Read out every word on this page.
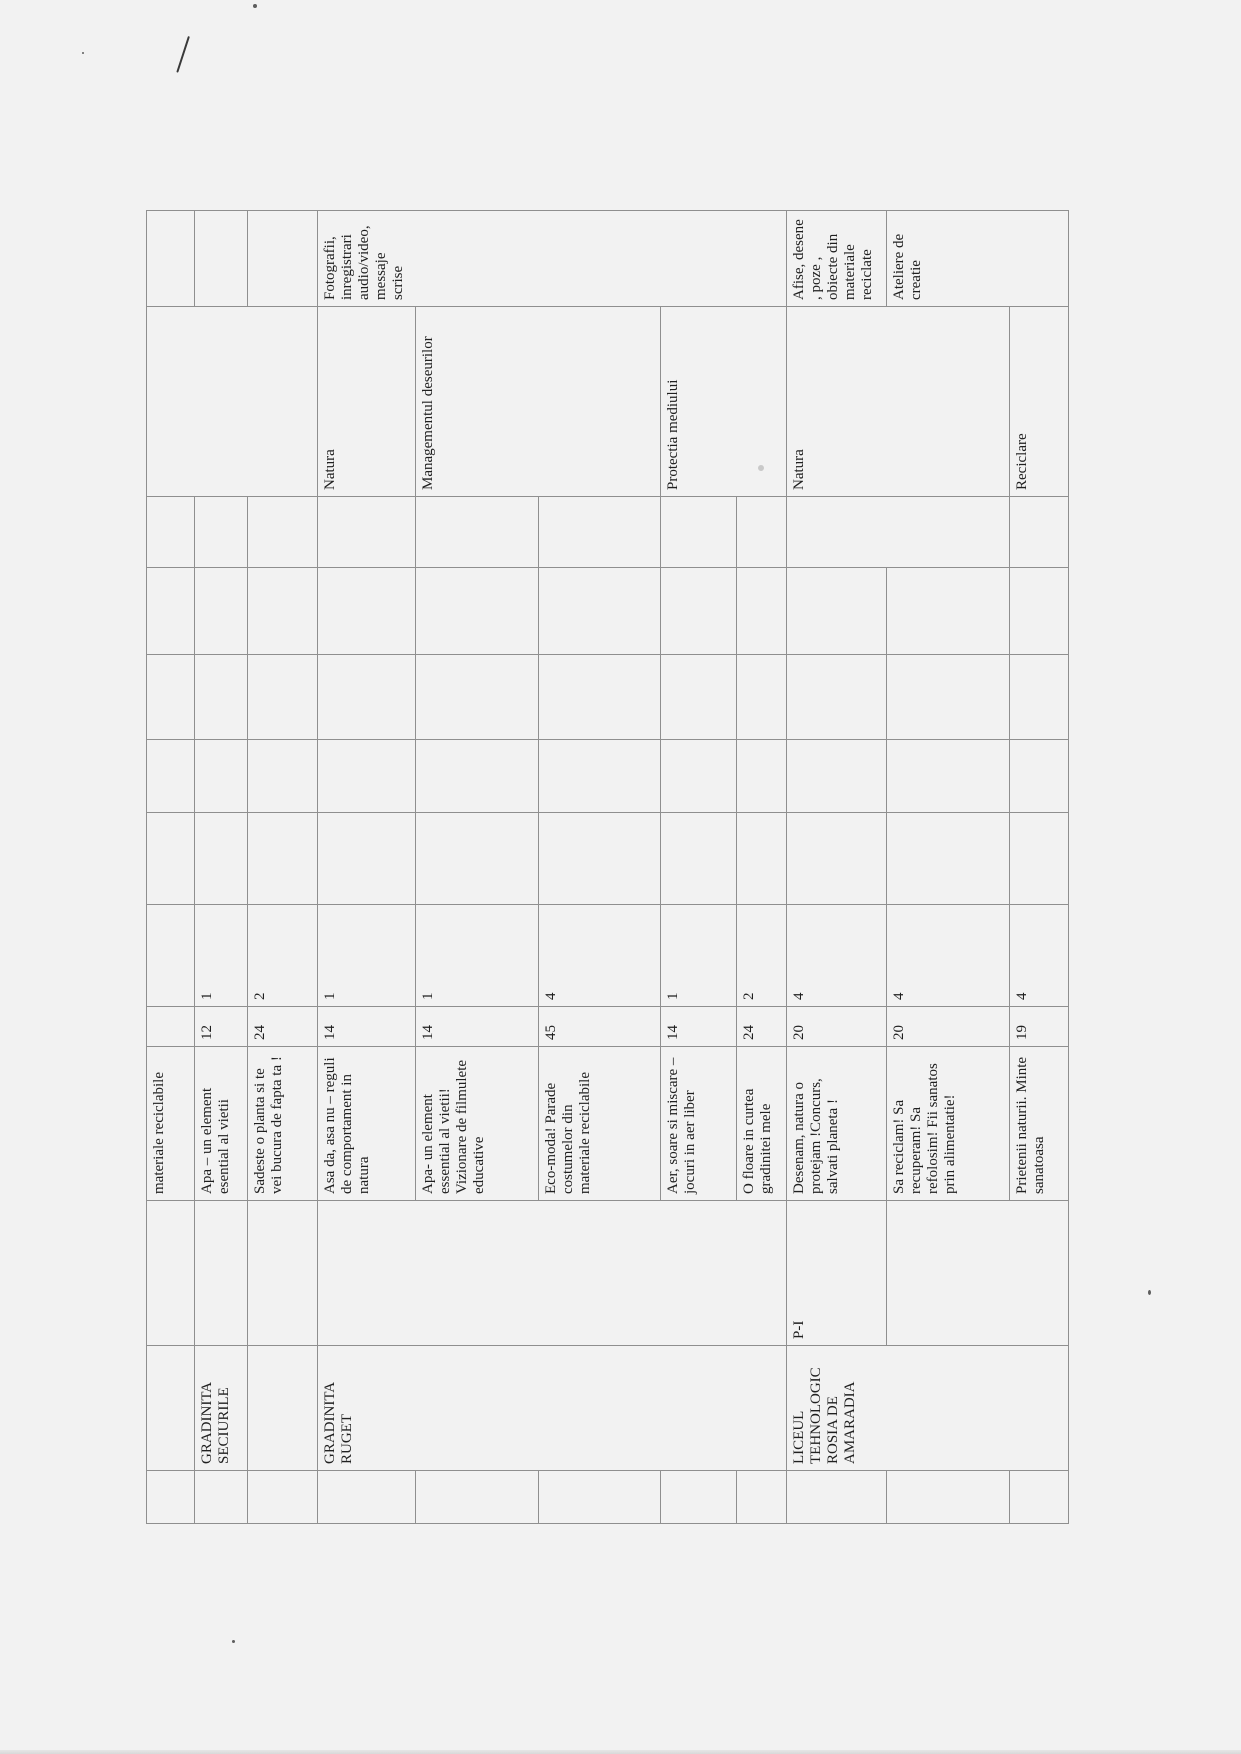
			materiale reciclabile									
	GRADINITA SECIURILE		Apa – un element esential al vietii	12	1							
			Sadeste o planta si te vei bucura de fapta ta !	24	2							
	GRADINITA RUGET		Asa da, asa nu – reguli de comportament in natura	14	1						Natura	Fotografii, inregistrari audio/video, messaje scrise
			Apa- un element essential al vietii! Vizionare de filmulete educative	14	1						Managementul deseurilor	
			Eco-moda! Parade costumelor din materiale reciclabile	45	4							
			Aer, soare si miscare – jocuri in aer liber	14	1						Protectia mediului	
			O floare in curtea gradinitei mele	24	2							
	LICEUL TEHNOLOGIC ROSIA DE AMARADIA	P-I	Desenam, natura o protejam !Concurs, salvati planeta !	20	4						Natura	Afise, desene , poze , obiecte din materiale reciclate
			Sa reciclam! Sa recuperam! Sa refolosim! Fii sanatos prin alimentatie!	20	4							Ateliere de creatie
			Prietenii naturii. Minte sanatoasa	19	4						Reciclare	
